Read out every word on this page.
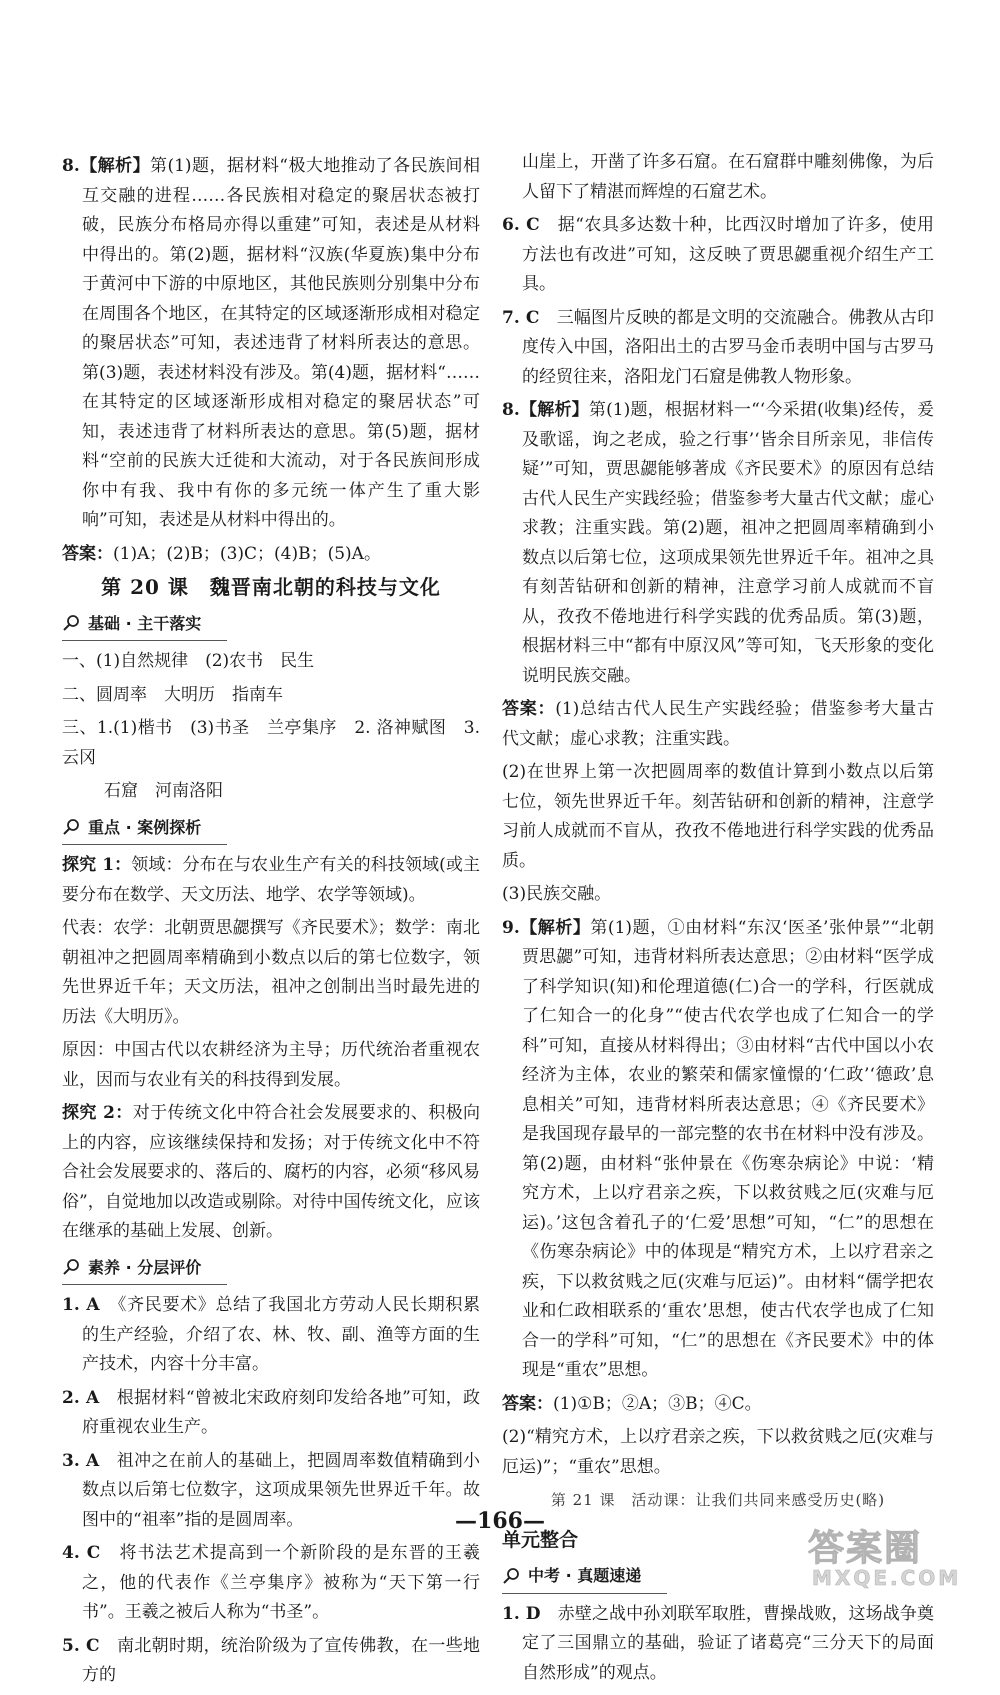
8.【解析】第(1)题，据材料“极大地推动了各民族间相互交融的进程……各民族相对稳定的聚居状态被打破，民族分布格局亦得以重建”可知，表述是从材料中得出的。第(2)题，据材料“汉族(华夏族)集中分布于黄河中下游的中原地区，其他民族则分别集中分布在周围各个地区，在其特定的区域逐渐形成相对稳定的聚居状态”可知，表述违背了材料所表达的意思。第(3)题，表述材料没有涉及。第(4)题，据材料“……在其特定的区域逐渐形成相对稳定的聚居状态”可知，表述违背了材料所表达的意思。第(5)题，据材料“空前的民族大迁徙和大流动，对于各民族间形成你中有我、我中有你的多元统一体产生了重大影响”可知，表述是从材料中得出的。

答案：(1)A；(2)B；(3)C；(4)B；(5)A。

第 20 课　魏晋南北朝的科技与文化
基础 · 主干落实

一、(1)自然规律　(2)农书　民生

二、圆周率　大明历　指南车

三、1.(1)楷书　(3)书圣　兰亭集序　2. 洛神赋图　3. 云冈

石窟　河南洛阳

重点 · 案例探析

探究 1：领域：分布在与农业生产有关的科技领域(或主要分布在数学、天文历法、地学、农学等领域)。

代表：农学：北朝贾思勰撰写《齐民要术》；数学：南北朝祖冲之把圆周率精确到小数点以后的第七位数字，领先世界近千年；天文历法，祖冲之创制出当时最先进的历法《大明历》。

原因：中国古代以农耕经济为主导；历代统治者重视农业，因而与农业有关的科技得到发展。

探究 2：对于传统文化中符合社会发展要求的、积极向上的内容，应该继续保持和发扬；对于传统文化中不符合社会发展要求的、落后的、腐朽的内容，必须“移风易俗”，自觉地加以改造或剔除。对待中国传统文化，应该在继承的基础上发展、创新。

素养 · 分层评价

1. A　 《齐民要术》总结了我国北方劳动人民长期积累的生产经验，介绍了农、林、牧、副、渔等方面的生产技术，内容十分丰富。

2. A　 根据材料“曾被北宋政府刻印发给各地”可知，政府重视农业生产。

3. A　 祖冲之在前人的基础上，把圆周率数值精确到小数点以后第七位数字，这项成果领先世界近千年。故图中的“祖率”指的是圆周率。

4. C　 将书法艺术提高到一个新阶段的是东晋的王羲之，他的代表作《兰亭集序》被称为“天下第一行书”。王羲之被后人称为“书圣”。

5. C　 南北朝时期，统治阶级为了宣传佛教，在一些地方的

山崖上，开凿了许多石窟。在石窟群中雕刻佛像，为后人留下了精湛而辉煌的石窟艺术。

6. C　 据“农具多达数十种，比西汉时增加了许多，使用方法也有改进”可知，这反映了贾思勰重视介绍生产工具。

7. C　 三幅图片反映的都是文明的交流融合。佛教从古印度传入中国，洛阳出土的古罗马金币表明中国与古罗马的经贸往来，洛阳龙门石窟是佛教人物形象。

8.【解析】第(1)题，根据材料一“‘今采捃(收集)经传，爰及歌谣，询之老成，验之行事’‘皆余目所亲见，非信传疑’”可知，贾思勰能够著成《齐民要术》的原因有总结古代人民生产实践经验；借鉴参考大量古代文献；虚心求教；注重实践。第(2)题，祖冲之把圆周率精确到小数点以后第七位，这项成果领先世界近千年。祖冲之具有刻苦钻研和创新的精神，注意学习前人成就而不盲从，孜孜不倦地进行科学实践的优秀品质。第(3)题，根据材料三中“都有中原汉风”等可知，飞天形象的变化说明民族交融。

答案：(1)总结古代人民生产实践经验；借鉴参考大量古代文献；虚心求教；注重实践。

(2)在世界上第一次把圆周率的数值计算到小数点以后第七位，领先世界近千年。刻苦钻研和创新的精神，注意学习前人成就而不盲从，孜孜不倦地进行科学实践的优秀品质。

(3)民族交融。

9.【解析】第(1)题，①由材料“东汉‘医圣’张仲景”“北朝贾思勰”可知，违背材料所表达意思；②由材料“医学成了科学知识(知)和伦理道德(仁)合一的学科，行医就成了仁知合一的化身”“使古代农学也成了仁知合一的学科”可知，直接从材料得出；③由材料“古代中国以小农经济为主体，农业的繁荣和儒家憧憬的‘仁政’‘德政’息息相关”可知，违背材料所表达意思；④《齐民要术》是我国现存最早的一部完整的农书在材料中没有涉及。第(2)题，由材料“张仲景在《伤寒杂病论》中说：‘精究方术，上以疗君亲之疾，下以救贫贱之厄(灾难与厄运)。’这包含着孔子的‘仁爱’思想”可知，“仁”的思想在《伤寒杂病论》中的体现是“精究方术，上以疗君亲之疾，下以救贫贱之厄(灾难与厄运)”。由材料“儒学把农业和仁政相联系的‘重农’思想，使古代农学也成了仁知合一的学科”可知，“仁”的思想在《齐民要术》中的体现是“重农”思想。

答案：(1)①B；②A；③B；④C。

(2)“精究方术，上以疗君亲之疾，下以救贫贱之厄(灾难与厄运)”；“重农”思想。

第 21 课　活动课：让我们共同来感受历史(略)
单元整合
中考 · 真题速递

1. D　 赤壁之战中孙刘联军取胜，曹操战败，这场战争奠定了三国鼎立的基础，验证了诸葛亮“三分天下的局面自然形成”的观点。

—166—
答案圈
MXQE.COM
